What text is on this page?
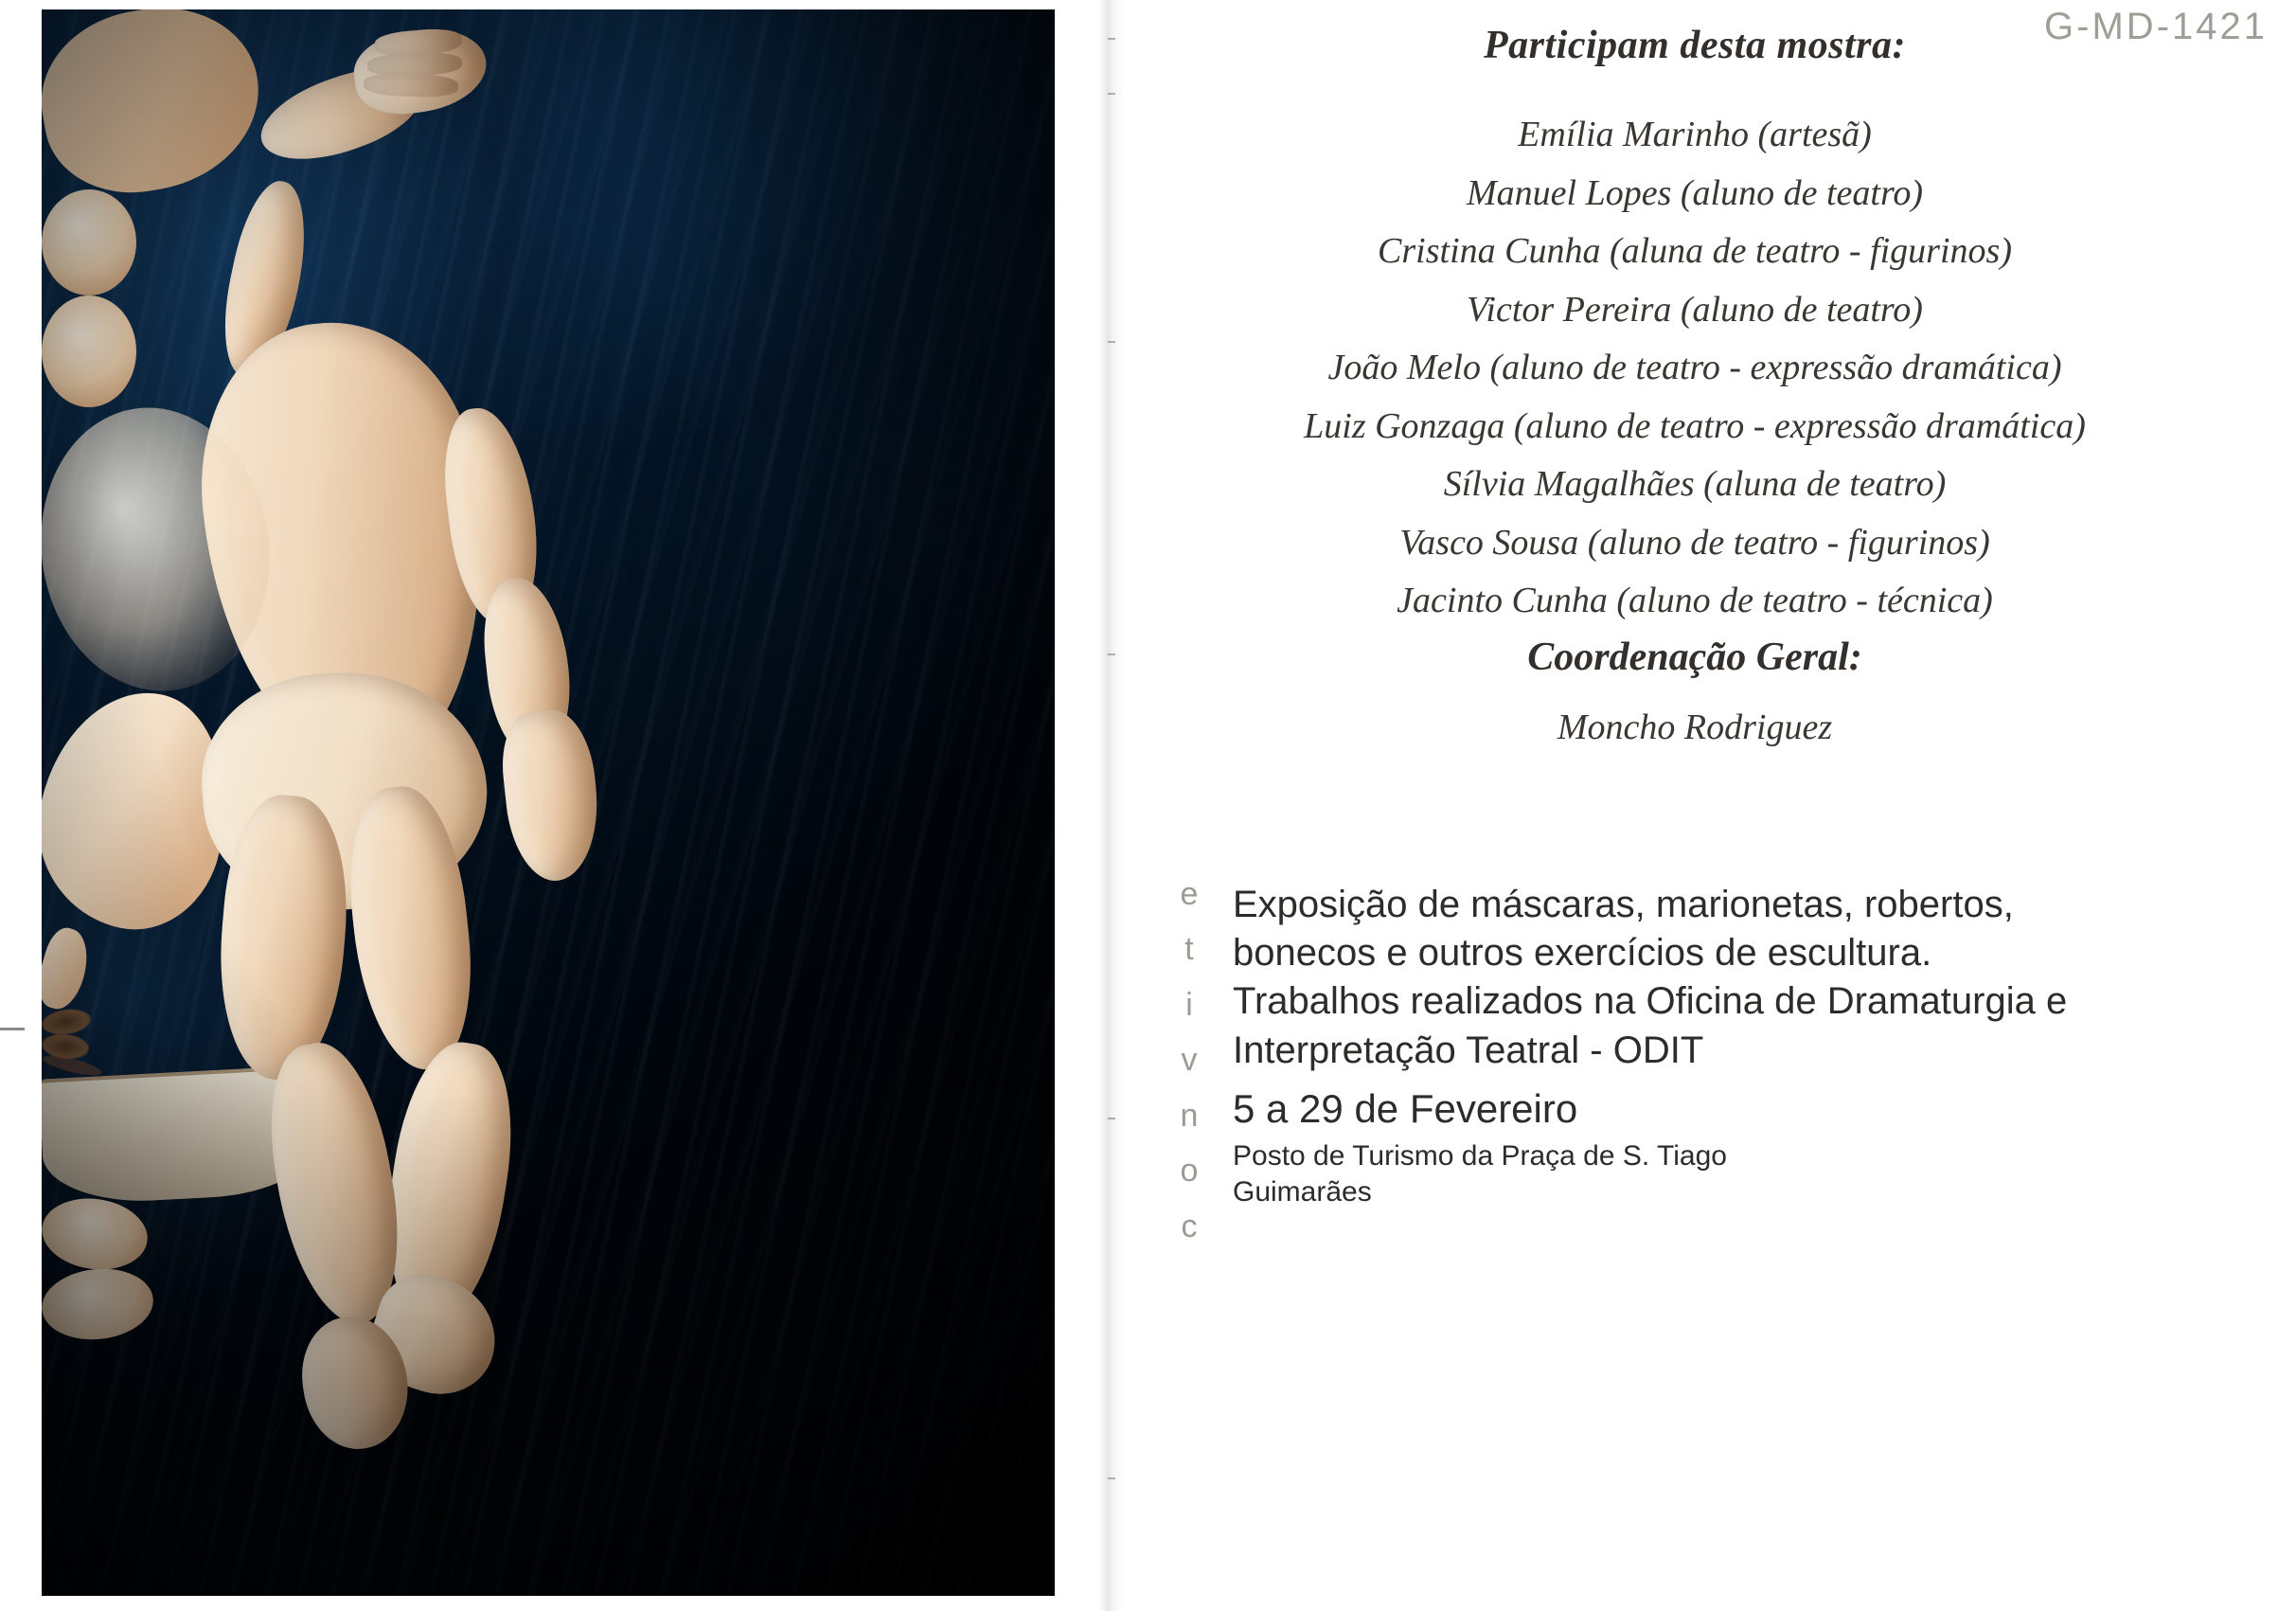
G-MD-1421
Participam desta mostra:
Emília Marinho (artesã)
Manuel Lopes (aluno de teatro)
Cristina Cunha (aluna de teatro - figurinos)
Victor Pereira (aluno de teatro)
João Melo (aluno de teatro - expressão dramática)
Luiz Gonzaga (aluno de teatro - expressão dramática)
Sílvia Magalhães (aluna de teatro)
Vasco Sousa (aluno de teatro - figurinos)
Jacinto Cunha (aluno de teatro - técnica)
Coordenação Geral:
Moncho Rodriguez
e
t
i
v
n
o
c
Exposição de máscaras, marionetas, robertos,
bonecos e outros exercícios de escultura.
Trabalhos realizados na Oficina de Dramaturgia e
Interpretação Teatral - ODIT
5 a 29 de Fevereiro
Posto de Turismo da Praça de S. Tiago
Guimarães
